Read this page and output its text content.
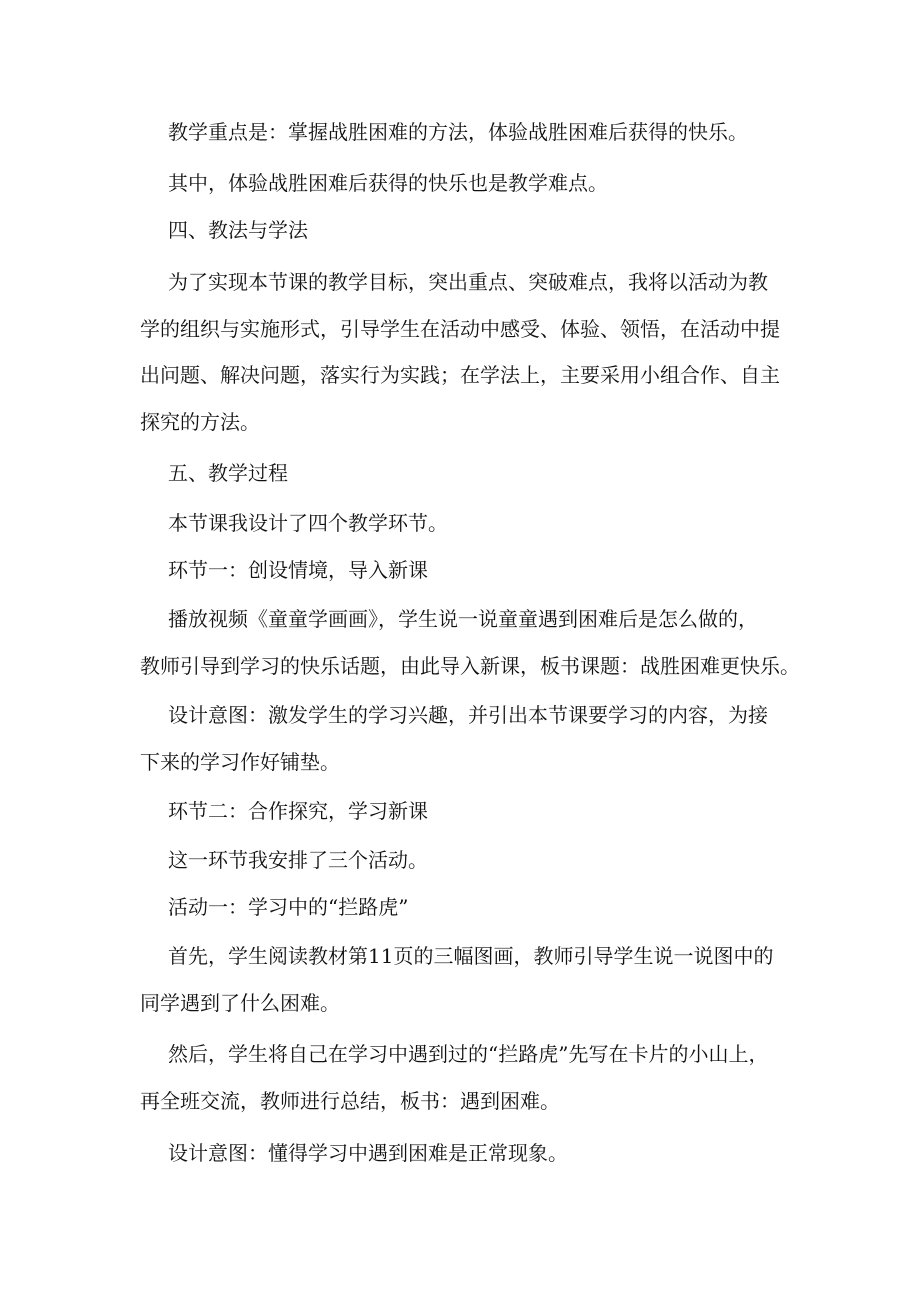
教学重点是：掌握战胜困难的方法，体验战胜困难后获得的快乐。
其中，体验战胜困难后获得的快乐也是教学难点。
四、教法与学法
为了实现本节课的教学目标，突出重点、突破难点，我将以活动为教
学的组织与实施形式，引导学生在活动中感受、体验、领悟，在活动中提
出问题、解决问题，落实行为实践；在学法上，主要采用小组合作、自主
探究的方法。
五、教学过程
本节课我设计了四个教学环节。
环节一：创设情境，导入新课
播放视频《童童学画画》，学生说一说童童遇到困难后是怎么做的，
教师引导到学习的快乐话题，由此导入新课，板书课题：战胜困难更快乐。
设计意图：激发学生的学习兴趣，并引出本节课要学习的内容，为接
下来的学习作好铺垫。
环节二：合作探究，学习新课
这一环节我安排了三个活动。
活动一：学习中的“拦路虎”
首先，学生阅读教材第11页的三幅图画，教师引导学生说一说图中的
同学遇到了什么困难。
然后，学生将自己在学习中遇到过的“拦路虎”先写在卡片的小山上，
再全班交流，教师进行总结，板书：遇到困难。
设计意图：懂得学习中遇到困难是正常现象。
